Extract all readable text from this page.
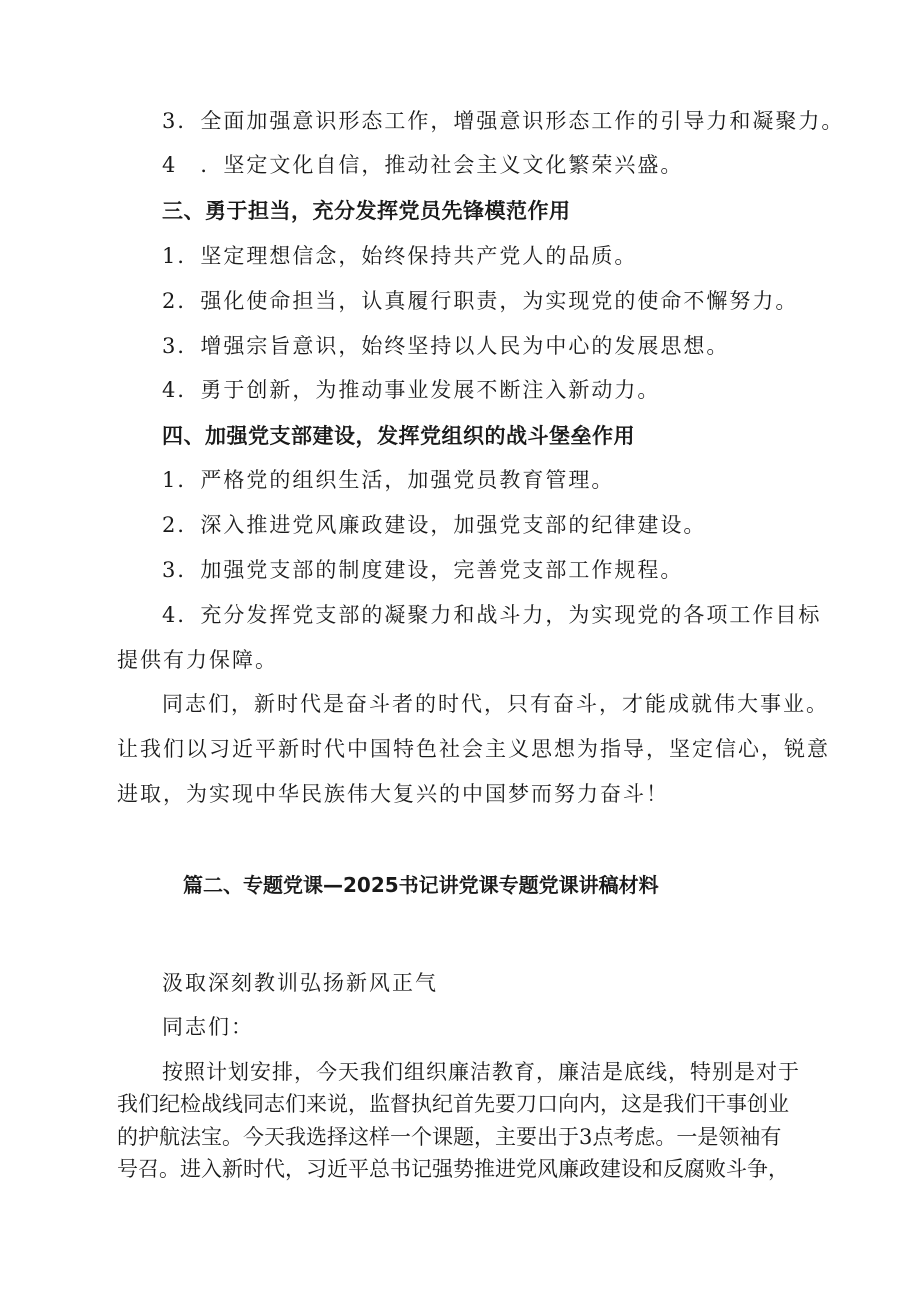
3．全面加强意识形态工作，增强意识形态工作的引导力和凝聚力。
4　．坚定文化自信，推动社会主义文化繁荣兴盛。
三、勇于担当，充分发挥党员先锋模范作用
1．坚定理想信念，始终保持共产党人的品质。
2．强化使命担当，认真履行职责，为实现党的使命不懈努力。
3．增强宗旨意识，始终坚持以人民为中心的发展思想。
4．勇于创新，为推动事业发展不断注入新动力。
四、加强党支部建设，发挥党组织的战斗堡垒作用
1．严格党的组织生活，加强党员教育管理。
2．深入推进党风廉政建设，加强党支部的纪律建设。
3．加强党支部的制度建设，完善党支部工作规程。
4．充分发挥党支部的凝聚力和战斗力，为实现党的各项工作目标
提供有力保障。
同志们，新时代是奋斗者的时代，只有奋斗，才能成就伟大事业。
让我们以习近平新时代中国特色社会主义思想为指导，坚定信心，锐意
进取，为实现中华民族伟大复兴的中国梦而努力奋斗！
篇二、专题党课—2025书记讲党课专题党课讲稿材料
汲取深刻教训弘扬新风正气
同志们：
按照计划安排，今天我们组织廉洁教育，廉洁是底线，特别是对于
我们纪检战线同志们来说，监督执纪首先要刀口向内，这是我们干事创业
的护航法宝。今天我选择这样一个课题，主要出于3点考虑。一是领袖有
号召。进入新时代，习近平总书记强势推进党风廉政建设和反腐败斗争，
